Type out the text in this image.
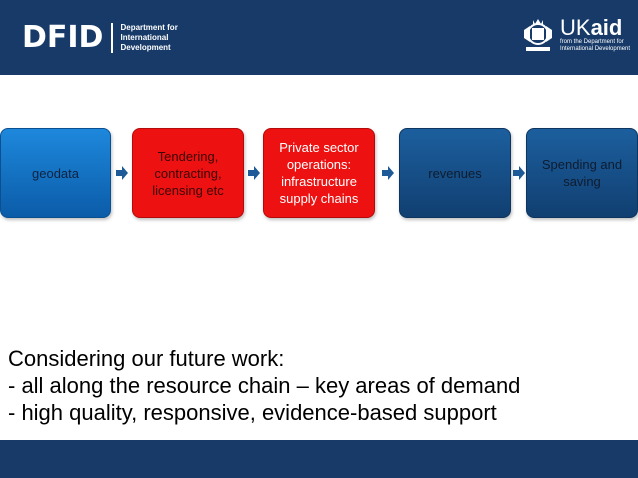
DFID Department for
International
Development
UKaid
from the Department for
International Development
geodata
Tendering, contracting, licensing etc
Private sector operations: infrastructure supply chains
revenues
Spending and saving

Considering our future work:

- all along the resource chain – key areas of demand

- high quality, responsive, evidence-based support
